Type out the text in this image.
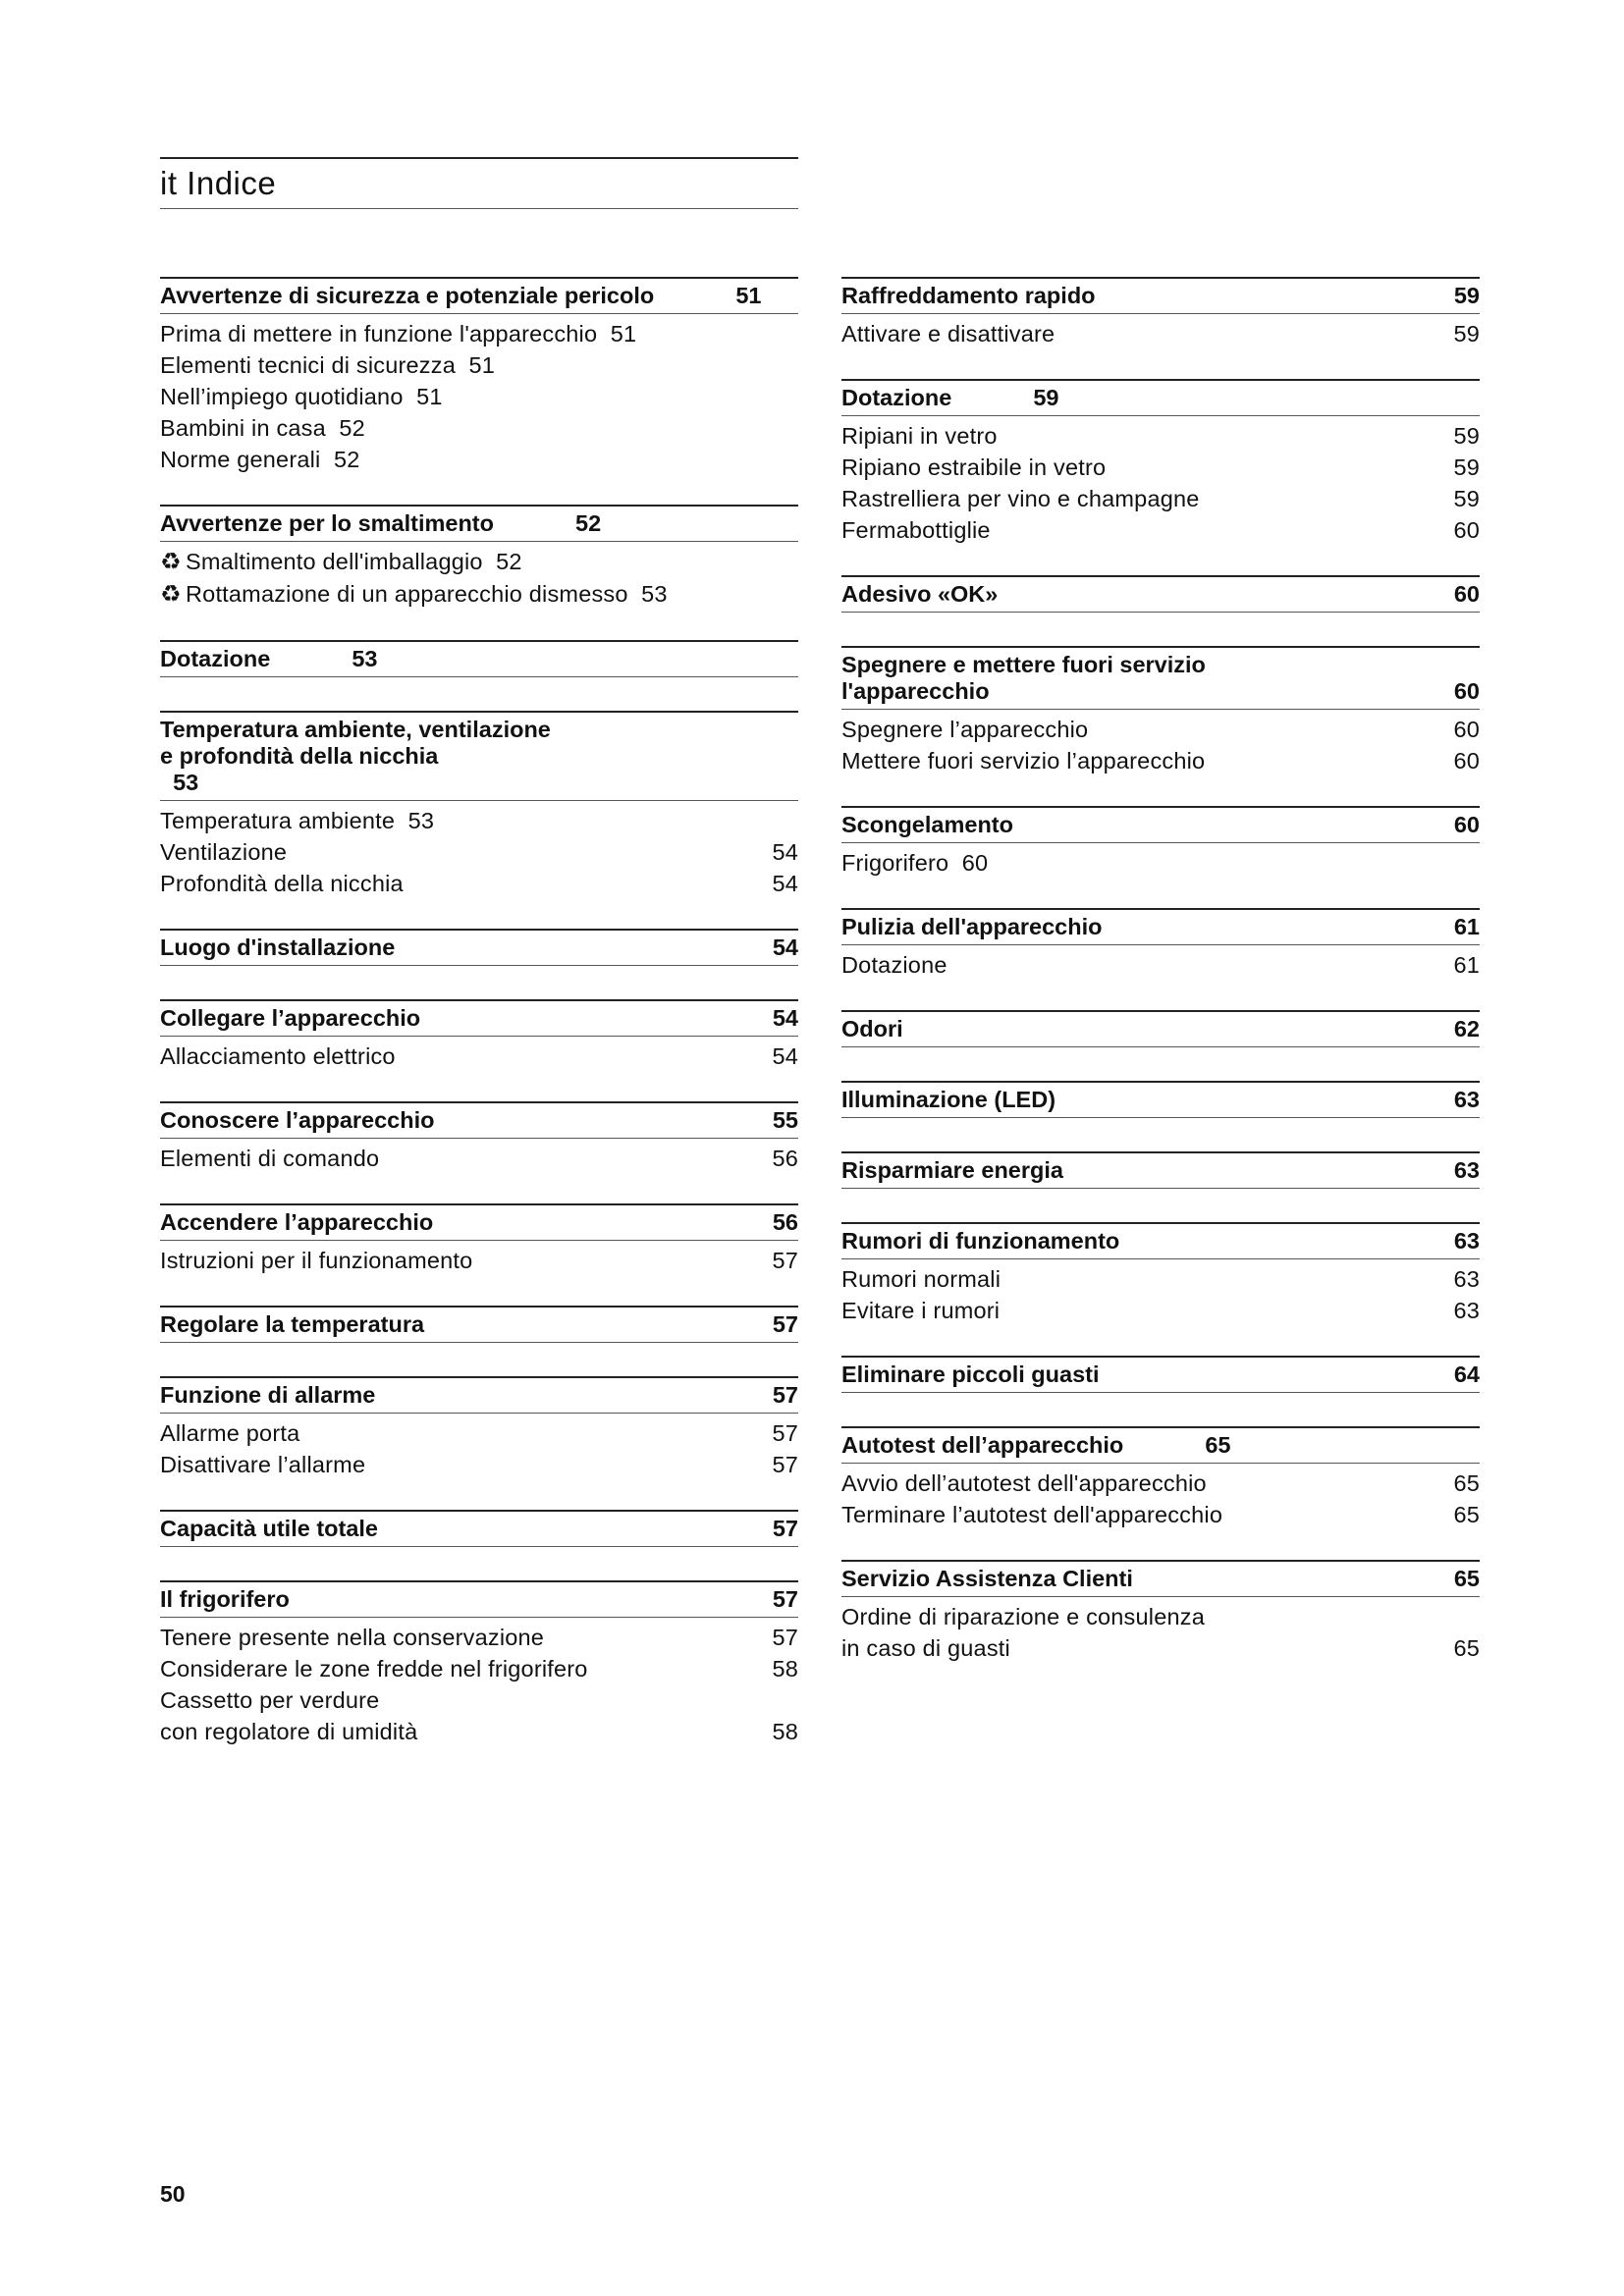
it Indice
Avvertenze di sicurezza e potenziale pericolo	51
Prima di mettere in funzione l'apparecchio 51
Elementi tecnici di sicurezza 51
Nell’impiego quotidiano 51
Bambini in casa 52
Norme generali 52
Avvertenze per lo smaltimento	52
♻ Smaltimento dell'imballaggio 52
♻ Rottamazione di un apparecchio dismesso 53
Dotazione	53
Temperatura ambiente, ventilazione
e profondità della nicchia
53
Temperatura ambiente 53
Ventilazione	54
Profondità della nicchia	54
Luogo d'installazione	54
Collegare l’apparecchio	54
Allacciamento elettrico	54
Conoscere l’apparecchio	55
Elementi di comando	56
Accendere l’apparecchio	56
Istruzioni per il funzionamento	57
Regolare la temperatura	57
Funzione di allarme	57
Allarme porta	57
Disattivare l’allarme	57
Capacità utile totale	57
Il frigorifero	57
Tenere presente nella conservazione	57
Considerare le zone fredde nel frigorifero	58
Cassetto per verdure
con regolatore di umidità	58
Raffreddamento rapido	59
Attivare e disattivare	59
Dotazione	59
Ripiani in vetro	59
Ripiano estraibile in vetro	59
Rastrelliera per vino e champagne	59
Fermabottiglie	60
Adesivo «OK»	60
Spegnere e mettere fuori servizio
l'apparecchio	60
Spegnere l’apparecchio	60
Mettere fuori servizio l’apparecchio	60
Scongelamento	60
Frigorifero 60
Pulizia dell'apparecchio	61
Dotazione	61
Odori	62
Illuminazione (LED)	63
Risparmiare energia	63
Rumori di funzionamento	63
Rumori normali	63
Evitare i rumori	63
Eliminare piccoli guasti	64
Autotest dell’apparecchio	65
Avvio dell’autotest dell'apparecchio	65
Terminare l’autotest dell'apparecchio	65
Servizio Assistenza Clienti	65
Ordine di riparazione e consulenza
in caso di guasti	65
50
